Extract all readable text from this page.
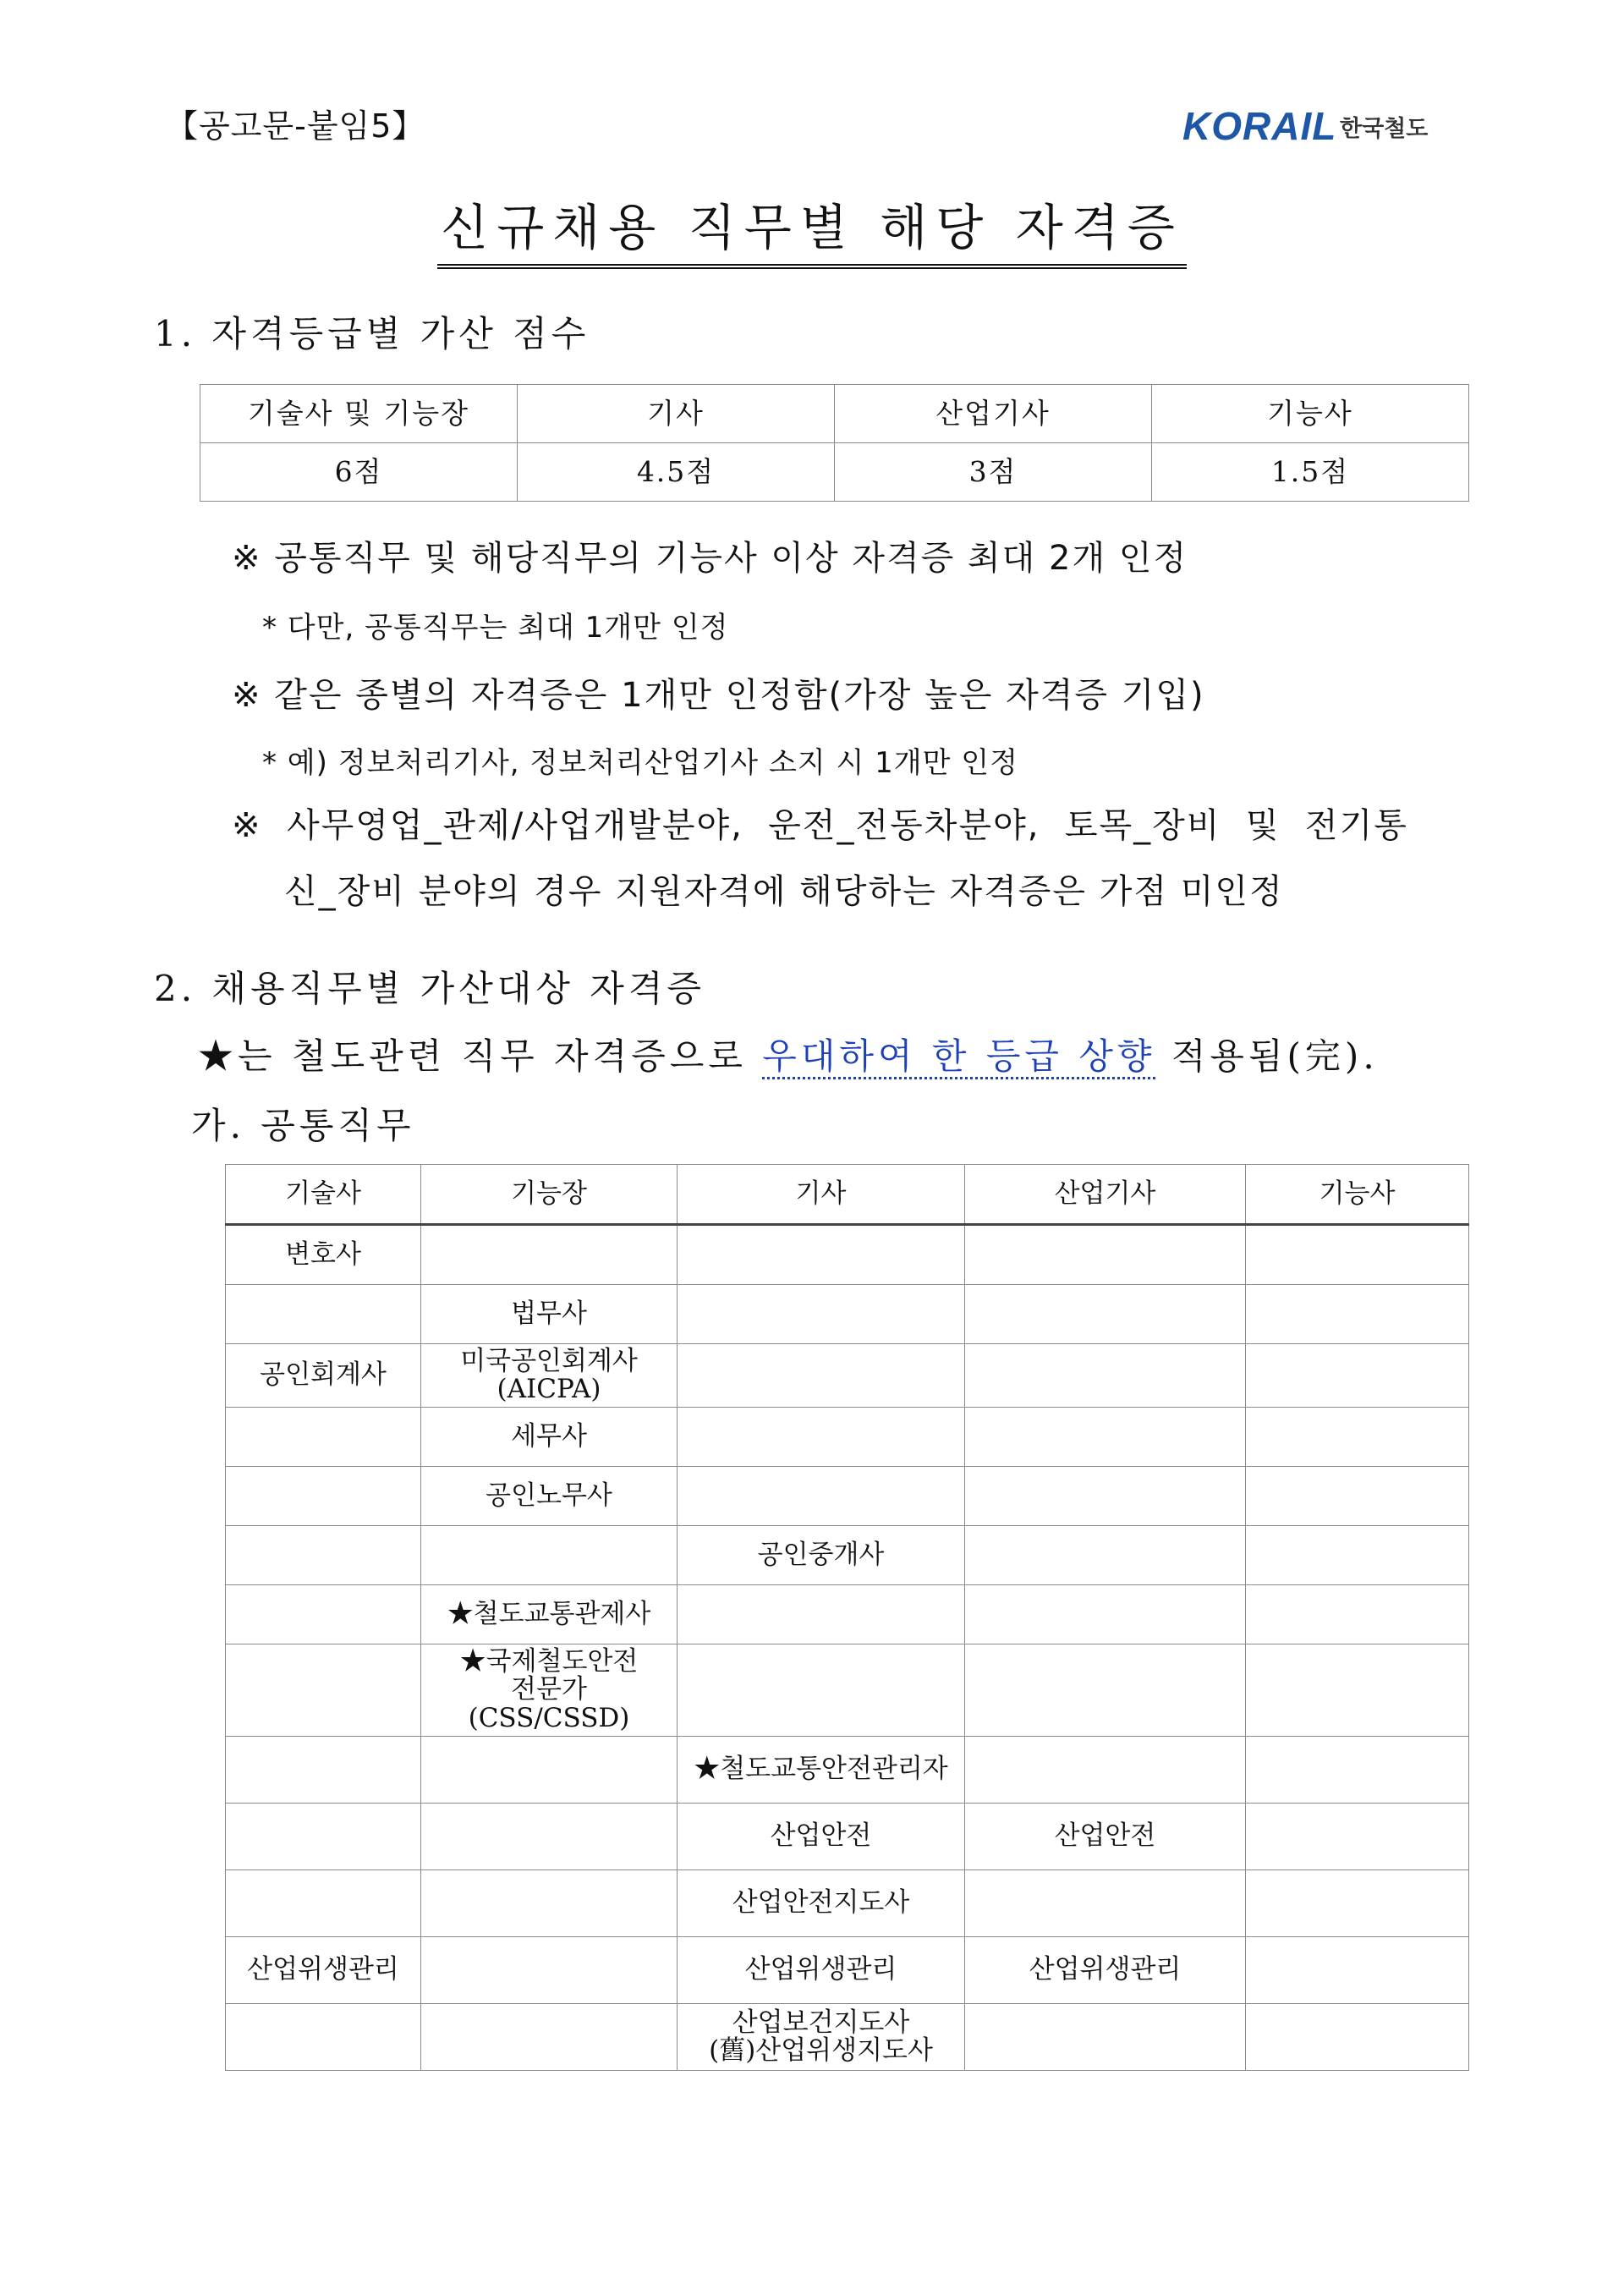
【공고문-붙임5】	KORAIL 한국철도
신규채용 직무별 해당 자격증
1. 자격등급별 가산 점수
기술사 및 기능장	기사	산업기사	기능사
6점	4.5점	3점	1.5점
※ 공통직무 및 해당직무의 기능사 이상 자격증 최대 2개 인정
* 다만, 공통직무는 최대 1개만 인정
※ 같은 종별의 자격증은 1개만 인정함(가장 높은 자격증 기입)
* 예) 정보처리기사, 정보처리산업기사 소지 시 1개만 인정
※  사무영업_관제/사업개발분야,  운전_전동차분야,  토목_장비  및  전기통
신_장비 분야의 경우 지원자격에 해당하는 자격증은 가점 미인정
2. 채용직무별 가산대상 자격증
★는 철도관련 직무 자격증으로 우대하여 한 등급 상향 적용됨(完).
가. 공통직무
기술사	기능장	기사	산업기사	기능사
변호사				
	법무사			
공인회계사	미국공인회계사
(AICPA)			
	세무사			
	공인노무사			
		공인중개사		
	★철도교통관제사			
	★국제철도안전
전문가
(CSS/CSSD)			
		★철도교통안전관리자		
		산업안전	산업안전	
		산업안전지도사		
산업위생관리		산업위생관리	산업위생관리	
		산업보건지도사
(舊)산업위생지도사		
